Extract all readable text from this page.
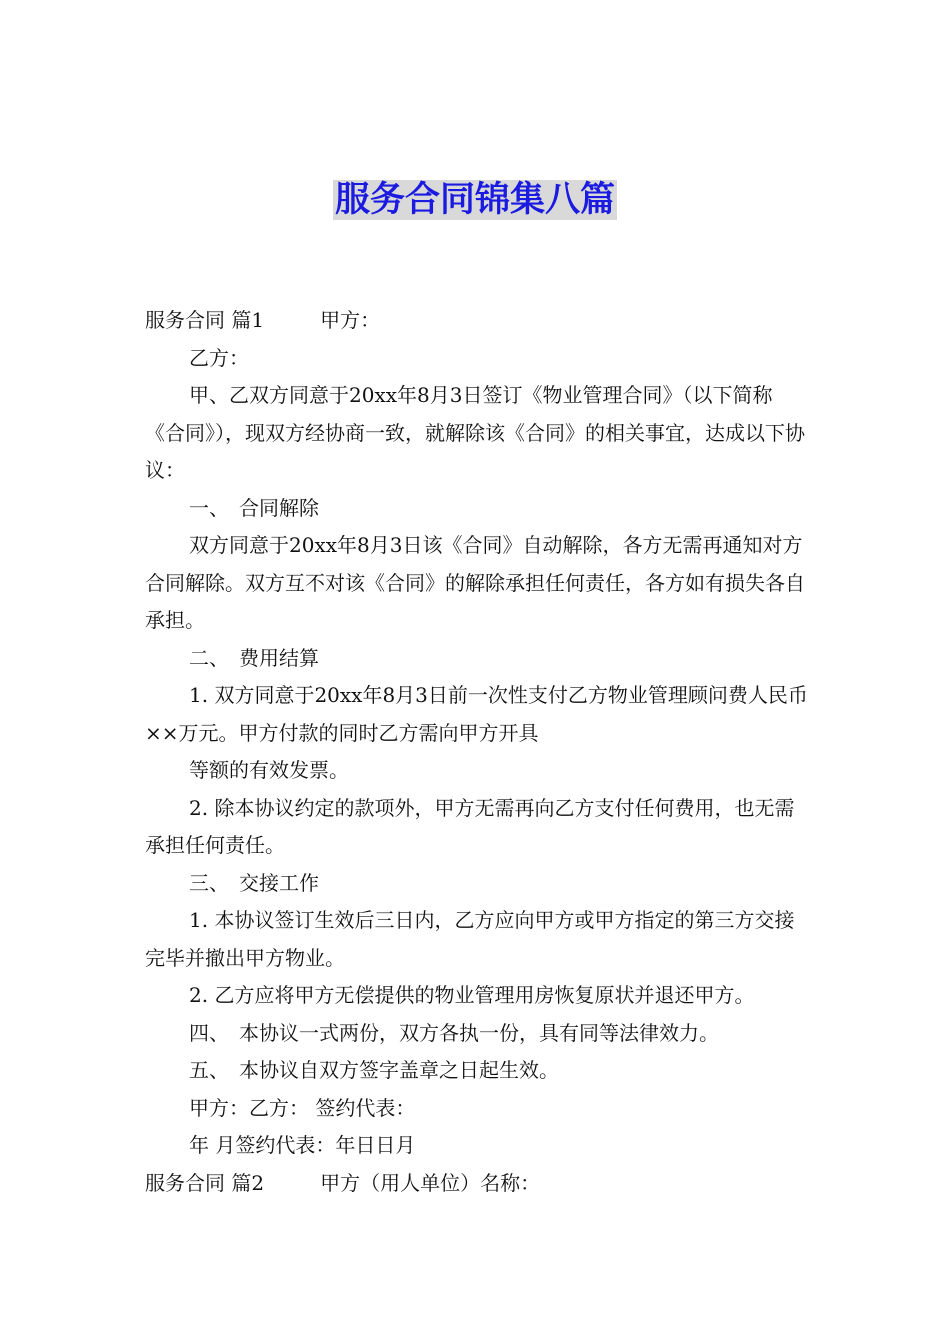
服务合同锦集八篇

服务合同 篇1	甲方：

乙方：

甲、乙双方同意于20xx年8月3日签订《物业管理合同》（以下简称《合同》），现双方经协商一致，就解除该《合同》的相关事宜，达成以下协议：

一、 合同解除

双方同意于20xx年8月3日该《合同》自动解除，各方无需再通知对方合同解除。双方互不对该《合同》的解除承担任何责任，各方如有损失各自承担。

二、 费用结算

1. 双方同意于20xx年8月3日前一次性支付乙方物业管理顾问费人民币××万元。甲方付款的同时乙方需向甲方开具

等额的有效发票。

2. 除本协议约定的款项外，甲方无需再向乙方支付任何费用，也无需承担任何责任。

三、 交接工作

1. 本协议签订生效后三日内，乙方应向甲方或甲方指定的第三方交接完毕并撤出甲方物业。

2. 乙方应将甲方无偿提供的物业管理用房恢复原状并退还甲方。

四、 本协议一式两份，双方各执一份，具有同等法律效力。

五、 本协议自双方签字盖章之日起生效。

甲方：乙方： 签约代表：

年 月签约代表：年日日月

服务合同 篇2	甲方（用人单位）名称：
